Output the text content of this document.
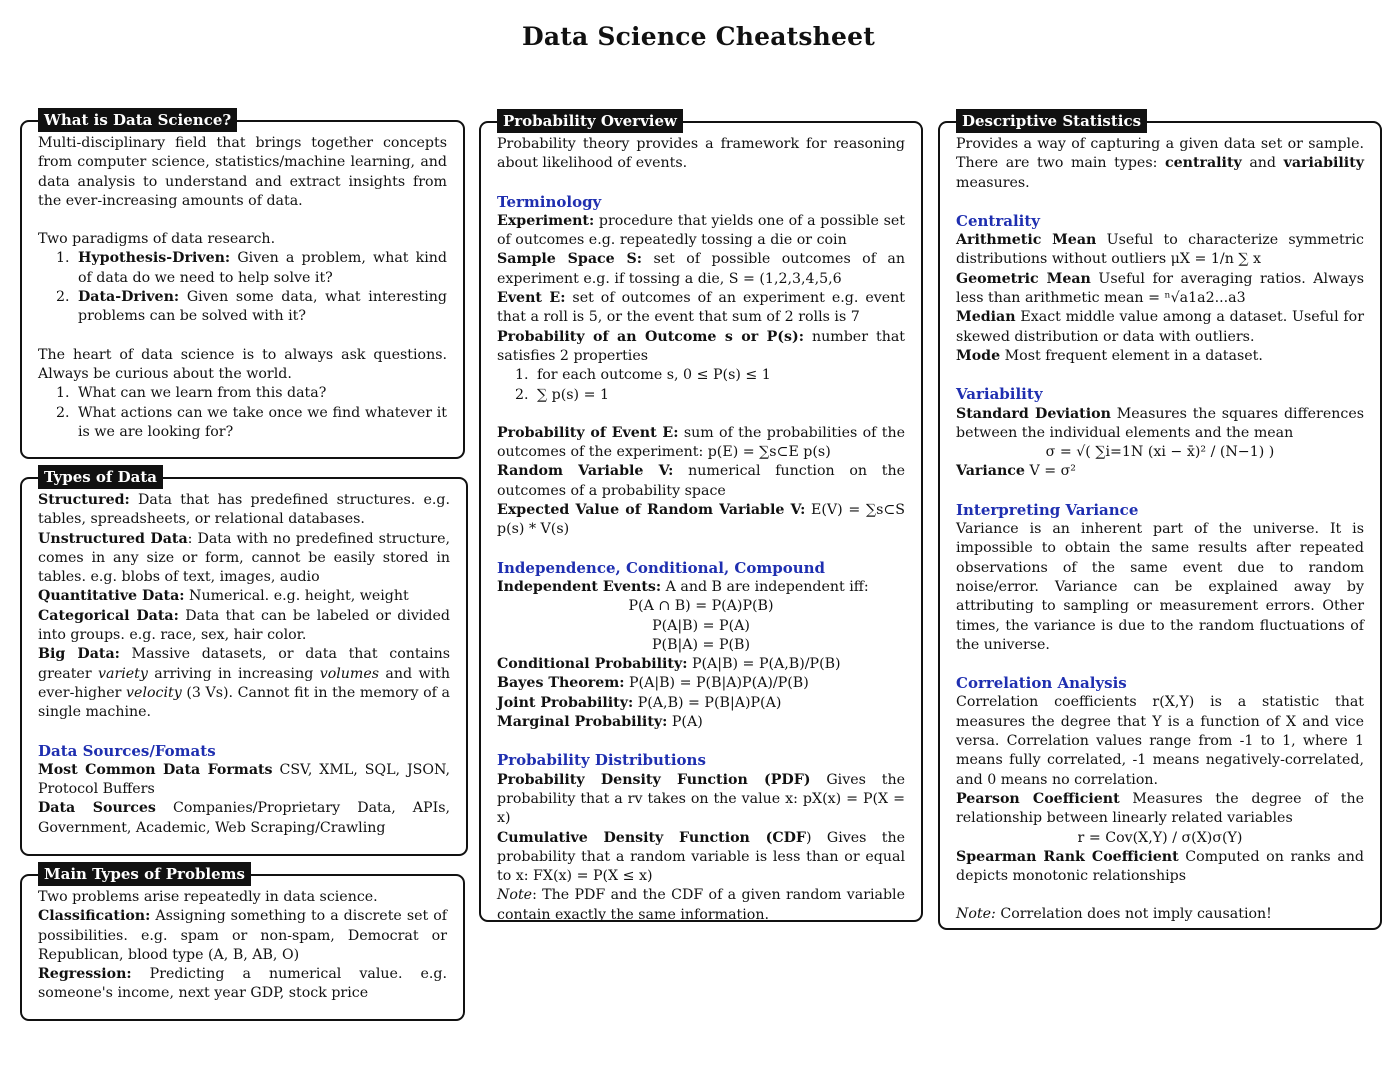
Data Science Cheatsheet
What is Data Science?

Multi-disciplinary field that brings together concepts from computer science, statistics/machine learning, and data analysis to understand and extract insights from the ever-increasing amounts of data.

Two paradigms of data research.

1. Hypothesis-Driven: Given a problem, what kind of data do we need to help solve it?
2. Data-Driven: Given some data, what interesting problems can be solved with it?

The heart of data science is to always ask questions. Always be curious about the world.

1. What can we learn from this data?
2. What actions can we take once we find whatever it is we are looking for?
Types of Data

Structured: Data that has predefined structures. e.g. tables, spreadsheets, or relational databases.

Unstructured Data: Data with no predefined structure, comes in any size or form, cannot be easily stored in tables. e.g. blobs of text, images, audio

Quantitative Data: Numerical. e.g. height, weight

Categorical Data: Data that can be labeled or divided into groups. e.g. race, sex, hair color.

Big Data: Massive datasets, or data that contains greater variety arriving in increasing volumes and with ever-higher velocity (3 Vs). Cannot fit in the memory of a single machine.

Data Sources/Fomats

Most Common Data Formats CSV, XML, SQL, JSON, Protocol Buffers

Data Sources Companies/Proprietary Data, APIs, Government, Academic, Web Scraping/Crawling

Main Types of Problems

Two problems arise repeatedly in data science.

Classification: Assigning something to a discrete set of possibilities. e.g. spam or non-spam, Democrat or Republican, blood type (A, B, AB, O)

Regression: Predicting a numerical value. e.g. someone's income, next year GDP, stock price

Probability Overview

Probability theory provides a framework for reasoning about likelihood of events.

Terminology

Experiment: procedure that yields one of a possible set of outcomes e.g. repeatedly tossing a die or coin

Sample Space S: set of possible outcomes of an experiment e.g. if tossing a die, S = (1,2,3,4,5,6

Event E: set of outcomes of an experiment e.g. event that a roll is 5, or the event that sum of 2 rolls is 7

Probability of an Outcome s or P(s): number that satisfies 2 properties

1. for each outcome s, 0 ≤ P(s) ≤ 1
2. ∑ p(s) = 1

Probability of Event E: sum of the probabilities of the outcomes of the experiment: p(E) = ∑s⊂E p(s)

Random Variable V: numerical function on the outcomes of a probability space

Expected Value of Random Variable V: E(V) = ∑s⊂S p(s) * V(s)

Independence, Conditional, Compound

Independent Events: A and B are independent iff:

P(A ∩ B) = P(A)P(B)

P(A|B) = P(A)

P(B|A) = P(B)

Conditional Probability: P(A|B) = P(A,B)/P(B)

Bayes Theorem: P(A|B) = P(B|A)P(A)/P(B)

Joint Probability: P(A,B) = P(B|A)P(A)

Marginal Probability: P(A)

Probability Distributions

Probability Density Function (PDF) Gives the probability that a rv takes on the value x: pX(x) = P(X = x)

Cumulative Density Function (CDF) Gives the probability that a random variable is less than or equal to x: FX(x) = P(X ≤ x)

Note: The PDF and the CDF of a given random variable contain exactly the same information.

Descriptive Statistics

Provides a way of capturing a given data set or sample. There are two main types: centrality and variability measures.

Centrality

Arithmetic Mean Useful to characterize symmetric distributions without outliers μX = 1/n ∑ x

Geometric Mean Useful for averaging ratios. Always less than arithmetic mean = ⁿ√a1a2...a3

Median Exact middle value among a dataset. Useful for skewed distribution or data with outliers.

Mode Most frequent element in a dataset.

Variability

Standard Deviation Measures the squares differences between the individual elements and the mean

σ = √( ∑i=1N (xi − x̄)² / (N−1) )

Variance V = σ²

Interpreting Variance

Variance is an inherent part of the universe. It is impossible to obtain the same results after repeated observations of the same event due to random noise/error. Variance can be explained away by attributing to sampling or measurement errors. Other times, the variance is due to the random fluctuations of the universe.

Correlation Analysis

Correlation coefficients r(X,Y) is a statistic that measures the degree that Y is a function of X and vice versa. Correlation values range from -1 to 1, where 1 means fully correlated, -1 means negatively-correlated, and 0 means no correlation.

Pearson Coefficient Measures the degree of the relationship between linearly related variables

r = Cov(X,Y) / σ(X)σ(Y)

Spearman Rank Coefficient Computed on ranks and depicts monotonic relationships

Note: Correlation does not imply causation!
